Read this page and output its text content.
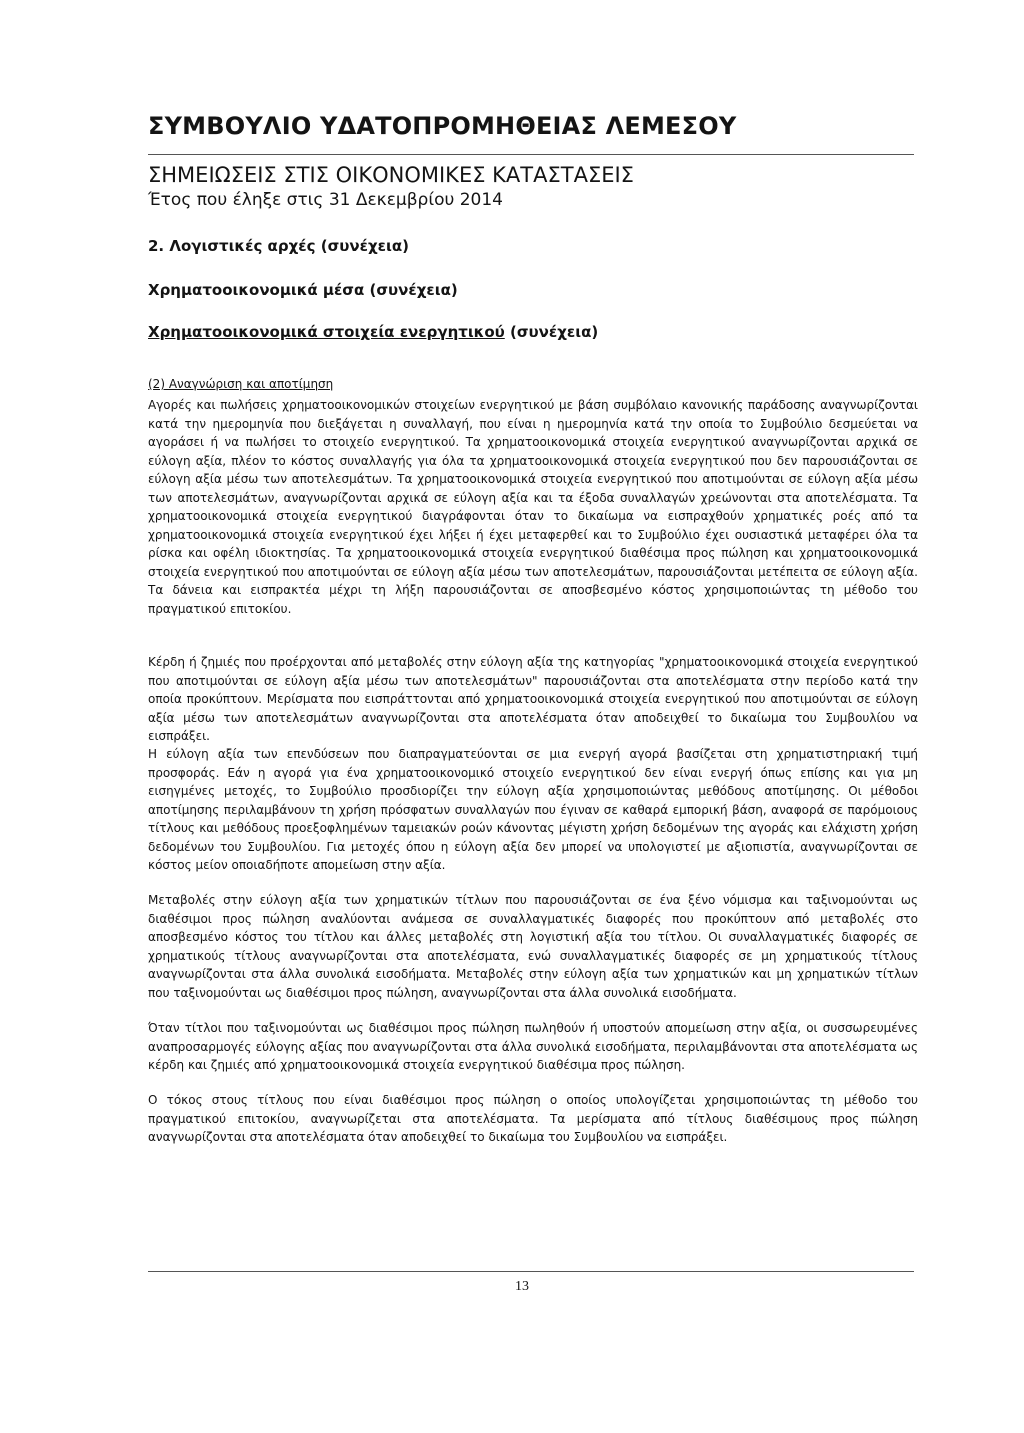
ΣΥΜΒΟΥΛΙΟ ΥΔΑΤΟΠΡΟΜΗΘΕΙΑΣ ΛΕΜΕΣΟΥ
ΣΗΜΕΙΩΣΕΙΣ ΣΤΙΣ ΟΙΚΟΝΟΜΙΚΕΣ ΚΑΤΑΣΤΑΣΕΙΣ
Έτος που έληξε στις 31 Δεκεμβρίου 2014
2. Λογιστικές αρχές (συνέχεια)
Χρηματοοικονομικά μέσα (συνέχεια)
Χρηματοοικονομικά στοιχεία ενεργητικού (συνέχεια)
(2) Αναγνώριση και αποτίμηση

Αγορές και πωλήσεις χρηματοοικονομικών στοιχείων ενεργητικού με βάση συμβόλαιο κανονικής παράδοσης αναγνωρίζονται κατά την ημερομηνία που διεξάγεται η συναλλαγή, που είναι η ημερομηνία κατά την οποία το Συμβούλιο δεσμεύεται να αγοράσει ή να πωλήσει το στοιχείο ενεργητικού. Τα χρηματοοικονομικά στοιχεία ενεργητικού αναγνωρίζονται αρχικά σε εύλογη αξία, πλέον το κόστος συναλλαγής για όλα τα χρηματοοικονομικά στοιχεία ενεργητικού που δεν παρουσιάζονται σε εύλογη αξία μέσω των αποτελεσμάτων. Τα χρηματοοικονομικά στοιχεία ενεργητικού που αποτιμούνται σε εύλογη αξία μέσω των αποτελεσμάτων, αναγνωρίζονται αρχικά σε εύλογη αξία και τα έξοδα συναλλαγών χρεώνονται στα αποτελέσματα. Τα χρηματοοικονομικά στοιχεία ενεργητικού διαγράφονται όταν το δικαίωμα να εισπραχθούν χρηματικές ροές από τα χρηματοοικονομικά στοιχεία ενεργητικού έχει λήξει ή έχει μεταφερθεί και το Συμβούλιο έχει ουσιαστικά μεταφέρει όλα τα ρίσκα και οφέλη ιδιοκτησίας. Τα χρηματοοικονομικά στοιχεία ενεργητικού διαθέσιμα προς πώληση και χρηματοοικονομικά στοιχεία ενεργητικού που αποτιμούνται σε εύλογη αξία μέσω των αποτελεσμάτων, παρουσιάζονται μετέπειτα σε εύλογη αξία. Τα δάνεια και εισπρακτέα μέχρι τη λήξη παρουσιάζονται σε αποσβεσμένο κόστος χρησιμοποιώντας τη μέθοδο του πραγματικού επιτοκίου.

Κέρδη ή ζημιές που προέρχονται από μεταβολές στην εύλογη αξία της κατηγορίας "χρηματοοικονομικά στοιχεία ενεργητικού που αποτιμούνται σε εύλογη αξία μέσω των αποτελεσμάτων" παρουσιάζονται στα αποτελέσματα στην περίοδο κατά την οποία προκύπτουν. Μερίσματα που εισπράττονται από χρηματοοικονομικά στοιχεία ενεργητικού που αποτιμούνται σε εύλογη αξία μέσω των αποτελεσμάτων αναγνωρίζονται στα αποτελέσματα όταν αποδειχθεί το δικαίωμα του Συμβουλίου να εισπράξει.

Η εύλογη αξία των επενδύσεων που διαπραγματεύονται σε μια ενεργή αγορά βασίζεται στη χρηματιστηριακή τιμή προσφοράς. Εάν η αγορά για ένα χρηματοοικονομικό στοιχείο ενεργητικού δεν είναι ενεργή όπως επίσης και για μη εισηγμένες μετοχές, το Συμβούλιο προσδιορίζει την εύλογη αξία χρησιμοποιώντας μεθόδους αποτίμησης. Οι μέθοδοι αποτίμησης περιλαμβάνουν τη χρήση πρόσφατων συναλλαγών που έγιναν σε καθαρά εμπορική βάση, αναφορά σε παρόμοιους τίτλους και μεθόδους προεξοφλημένων ταμειακών ροών κάνοντας μέγιστη χρήση δεδομένων της αγοράς και ελάχιστη χρήση δεδομένων του Συμβουλίου. Για μετοχές όπου η εύλογη αξία δεν μπορεί να υπολογιστεί με αξιοπιστία, αναγνωρίζονται σε κόστος μείον οποιαδήποτε απομείωση στην αξία.

Μεταβολές στην εύλογη αξία των χρηματικών τίτλων που παρουσιάζονται σε ένα ξένο νόμισμα και ταξινομούνται ως διαθέσιμοι προς πώληση αναλύονται ανάμεσα σε συναλλαγματικές διαφορές που προκύπτουν από μεταβολές στο αποσβεσμένο κόστος του τίτλου και άλλες μεταβολές στη λογιστική αξία του τίτλου. Οι συναλλαγματικές διαφορές σε χρηματικούς τίτλους αναγνωρίζονται στα αποτελέσματα, ενώ συναλλαγματικές διαφορές σε μη χρηματικούς τίτλους αναγνωρίζονται στα άλλα συνολικά εισοδήματα. Μεταβολές στην εύλογη αξία των χρηματικών και μη χρηματικών τίτλων που ταξινομούνται ως διαθέσιμοι προς πώληση, αναγνωρίζονται στα άλλα συνολικά εισοδήματα.

Όταν τίτλοι που ταξινομούνται ως διαθέσιμοι προς πώληση πωληθούν ή υποστούν απομείωση στην αξία, οι συσσωρευμένες αναπροσαρμογές εύλογης αξίας που αναγνωρίζονται στα άλλα συνολικά εισοδήματα, περιλαμβάνονται στα αποτελέσματα ως κέρδη και ζημιές από χρηματοοικονομικά στοιχεία ενεργητικού διαθέσιμα προς πώληση.

Ο τόκος στους τίτλους που είναι διαθέσιμοι προς πώληση ο οποίος υπολογίζεται χρησιμοποιώντας τη μέθοδο του πραγματικού επιτοκίου, αναγνωρίζεται στα αποτελέσματα. Τα μερίσματα από τίτλους διαθέσιμους προς πώληση αναγνωρίζονται στα αποτελέσματα όταν αποδειχθεί το δικαίωμα του Συμβουλίου να εισπράξει.

13
